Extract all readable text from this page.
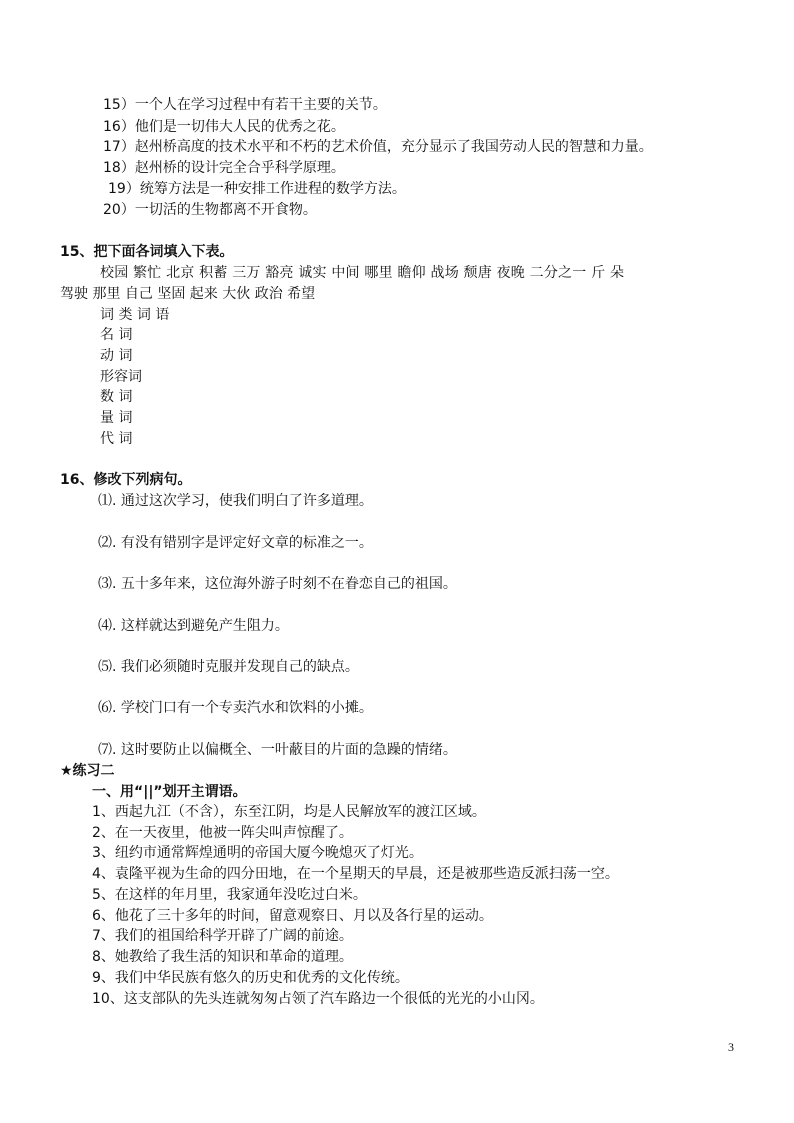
15）一个人在学习过程中有若干主要的关节。

16）他们是一切伟大人民的优秀之花。

17）赵州桥高度的技术水平和不朽的艺术价值，充分显示了我国劳动人民的智慧和力量。

18）赵州桥的设计完全合乎科学原理。

19）统筹方法是一种安排工作进程的数学方法。

20）一切活的生物都离不开食物。

15、把下面各词填入下表。

校园 繁忙 北京 积蓄 三万 豁亮 诚实 中间 哪里 瞻仰 战场 颓唐 夜晚 二分之一 斤 朵

驾驶 那里 自己 坚固 起来 大伙 政治 希望

词 类 词 语

名 词

动 词

形容词

数 词

量 词

代 词

16、修改下列病句。

⑴. 通过这次学习，使我们明白了许多道理。

⑵. 有没有错别字是评定好文章的标准之一。

⑶. 五十多年来，这位海外游子时刻不在眷恋自己的祖国。

⑷. 这样就达到避免产生阻力。

⑸. 我们必须随时克服并发现自己的缺点。

⑹. 学校门口有一个专卖汽水和饮料的小摊。

⑺. 这时要防止以偏概全、一叶蔽目的片面的急躁的情绪。

★练习二

一、用“||”划开主谓语。

1、西起九江（不含），东至江阴，均是人民解放军的渡江区域。

2、在一天夜里，他被一阵尖叫声惊醒了。

3、纽约市通常辉煌通明的帝国大厦今晚熄灭了灯光。

4、袁隆平视为生命的四分田地，在一个星期天的早晨，还是被那些造反派扫荡一空。

5、在这样的年月里，我家通年没吃过白米。

6、他花了三十多年的时间，留意观察日、月以及各行星的运动。

7、我们的祖国给科学开辟了广阔的前途。

8、她教给了我生活的知识和革命的道理。

9、我们中华民族有悠久的历史和优秀的文化传统。

10、这支部队的先头连就匆匆占领了汽车路边一个很低的光光的小山冈。

3
